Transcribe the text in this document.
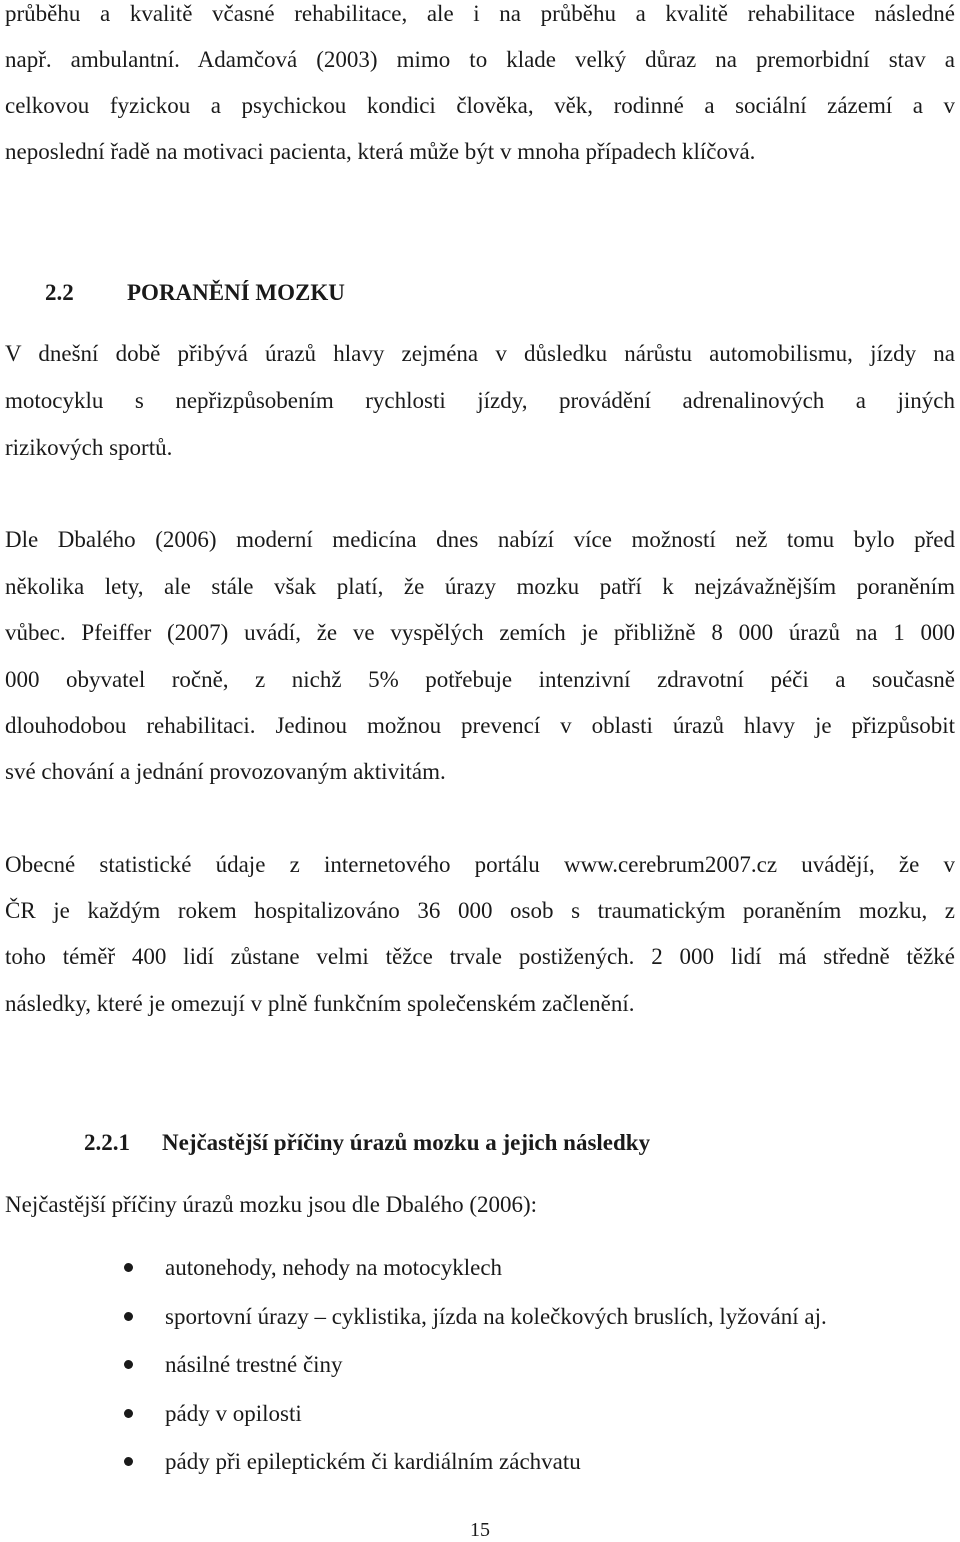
průběhu a kvalitě včasné rehabilitace, ale i na průběhu a kvalitě rehabilitace následné
např. ambulantní. Adamčová (2003) mimo to klade velký důraz na premorbidní stav a
celkovou fyzickou a psychickou kondici člověka, věk, rodinné a sociální zázemí a v
neposlední řadě na motivaci pacienta, která může být v mnoha případech klíčová.
2.2 PORANĚNÍ MOZKU
V dnešní době přibývá úrazů hlavy zejména v důsledku nárůstu automobilismu, jízdy na
motocyklu s nepřizpůsobením rychlosti jízdy, provádění adrenalinových a jiných
rizikových sportů.
Dle Dbalého (2006) moderní medicína dnes nabízí více možností než tomu bylo před
několika lety, ale stále však platí, že úrazy mozku patří k nejzávažnějším poraněním
vůbec. Pfeiffer (2007) uvádí, že ve vyspělých zemích je přibližně 8 000 úrazů na 1 000
000 obyvatel ročně, z nichž 5% potřebuje intenzivní zdravotní péči a současně
dlouhodobou rehabilitaci. Jedinou možnou prevencí v oblasti úrazů hlavy je přizpůsobit
své chování a jednání provozovaným aktivitám.
Obecné statistické údaje z internetového portálu www.cerebrum2007.cz uvádějí, že v
ČR je každým rokem hospitalizováno 36 000 osob s traumatickým poraněním mozku, z
toho téměř 400 lidí zůstane velmi těžce trvale postižených. 2 000 lidí má středně těžké
následky, které je omezují v plně funkčním společenském začlenění.
2.2.1 Nejčastější příčiny úrazů mozku a jejich následky
Nejčastější příčiny úrazů mozku jsou dle Dbalého (2006):
autonehody, nehody na motocyklech
sportovní úrazy – cyklistika, jízda na kolečkových bruslích, lyžování aj.
násilné trestné činy
pády v opilosti
pády při epileptickém či kardiálním záchvatu
15
